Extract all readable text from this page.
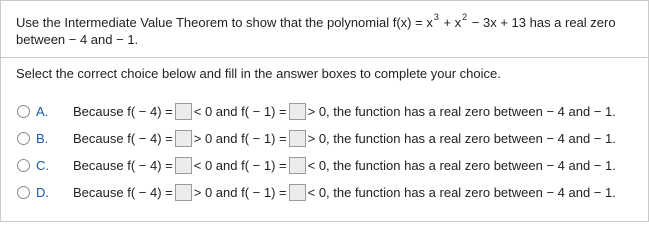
Use the Intermediate Value Theorem to show that the polynomial $f(x) = x^3 + x^2 - 3x + 13$ has a real zero
between − 4 and − 1.
Select the correct choice below and fill in the answer boxes to complete your choice.
A.	Because f( − 4) = < 0 and f( − 1) = > 0, the function has a real zero between − 4 and − 1.
B.	Because f( − 4) = > 0 and f( − 1) = > 0, the function has a real zero between − 4 and − 1.
C.	Because f( − 4) = < 0 and f( − 1) = < 0, the function has a real zero between − 4 and − 1.
D.	Because f( − 4) = > 0 and f( − 1) = < 0, the function has a real zero between − 4 and − 1.
